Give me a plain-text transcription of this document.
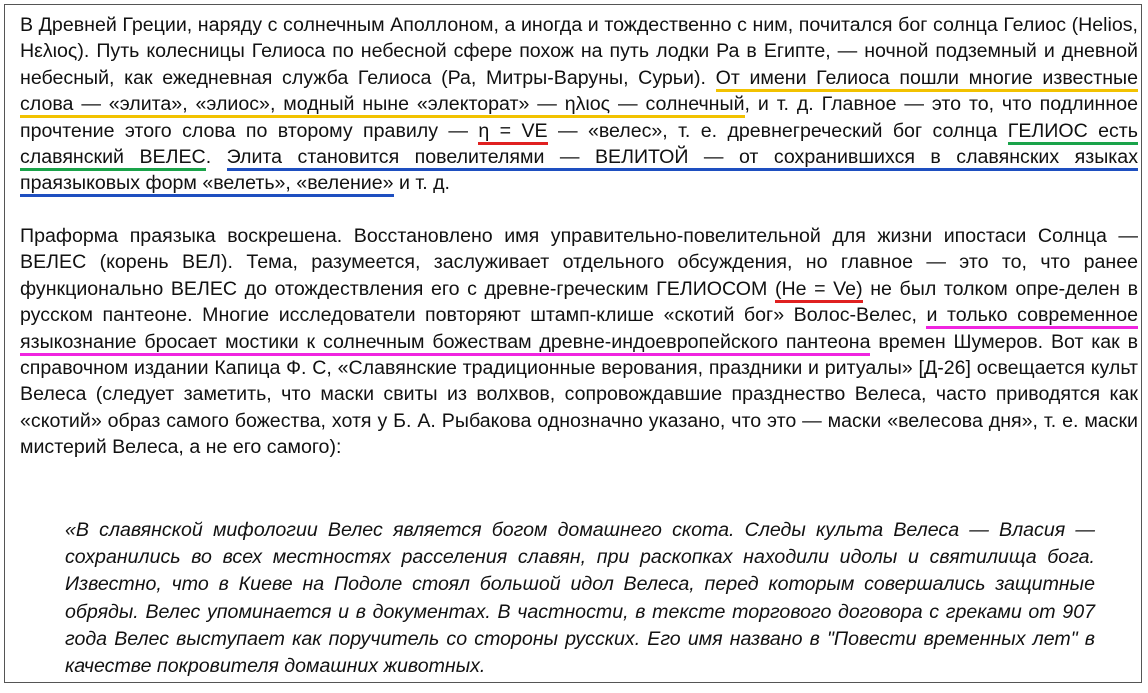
В Древней Греции, наряду с солнечным Аполлоном, а иногда и тождественно с ним, почитался бог солнца Гелиос (Helios, Ηελιος). Путь колесницы Гелиоса по небесной сфере похож на путь лодки Ра в Египте, — ночной подземный и дневной небесный, как ежедневная служба Гелиоса (Ра, Митры-Варуны, Сурьи). От имени Гелиоса пошли многие известные слова — «элита», «элиос», модный ныне «электорат» — ηλιος — солнечный, и т. д. Главное — это то, что подлинное прочтение этого слова по второму правилу — η = VE — «велес», т. е. древнегреческий бог солнца ГЕЛИОС есть славянский ВЕЛЕС. Элита становится повелителями — ВЕЛИТОЙ — от сохранившихся в славянских языках праязыковых форм «велеть», «веление» и т. д.

Праформа праязыка воскрешена. Восстановлено имя управительно-повелительной для жизни ипостаси Солнца — ВЕЛЕС (корень ВЕЛ). Тема, разумеется, заслуживает отдельного обсуждения, но главное — это то, что ранее функционально ВЕЛЕС до отождествления его с древне-греческим ГЕЛИОСОМ (Не = Ve) не был толком опре-делен в русском пантеоне. Многие исследователи повторяют штамп-клише «скотий бог» Волос-Велес, и только современное языкознание бросает мостики к солнечным божествам древне-индоевропейского пантеона времен Шумеров. Вот как в справочном издании Капица Ф. С, «Славянские традиционные верования, праздники и ритуалы» [Д-26] освещается культ Велеса (следует заметить, что маски свиты из волхвов, сопровождавшие празднество Велеса, часто приводятся как «скотий» образ самого божества, хотя у Б. А. Рыбакова однозначно указано, что это — маски «велесова дня», т. е. маски мистерий Велеса, а не его самого):

«В славянской мифологии Велес является богом домашнего скота. Следы культа Велеса — Власия — сохранились во всех местностях расселения славян, при раскопках находили идолы и святилища бога. Известно, что в Киеве на Подоле стоял большой идол Велеса, перед которым совершались защитные обряды. Велес упоминается и в документах. В частности, в тексте торгового договора с греками от 907 года Велес выступает как поручитель со стороны русских. Его имя названо в "Повести временных лет" в качестве покровителя домашних животных.
